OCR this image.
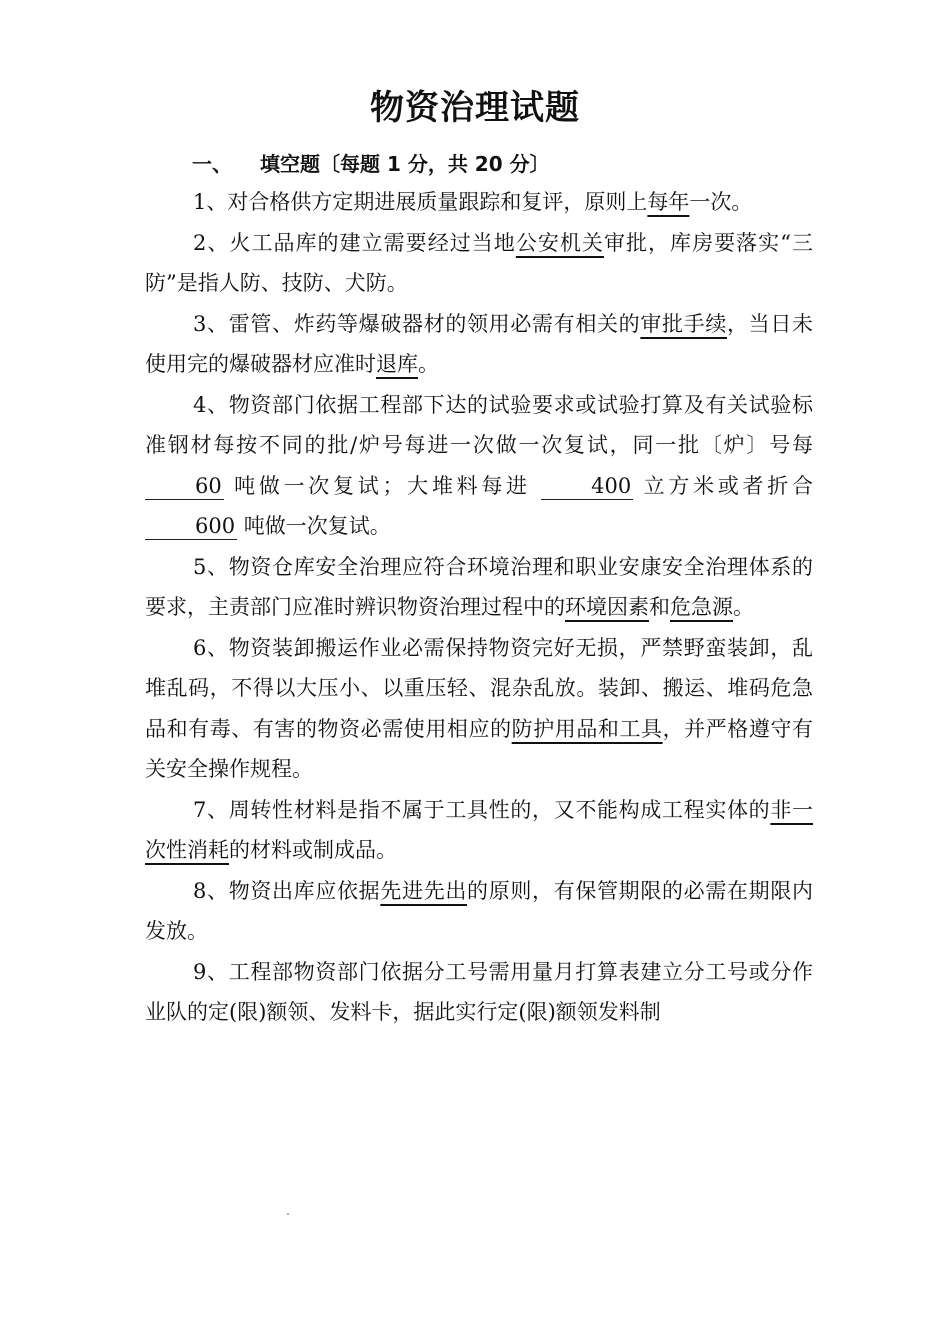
物资治理试题
一、 填空题〔每题 1 分，共 20 分〕

1、对合格供方定期进展质量跟踪和复评，原则上每年一次。

2、火工品库的建立需要经过当地公安机关审批，库房要落实“三防”是指人防、技防、犬防。

3、雷管、炸药等爆破器材的领用必需有相关的审批手续，当日未使用完的爆破器材应准时退库。

4、物资部门依据工程部下达的试验要求或试验打算及有关试验标准钢材每按不同的批/炉号每进一次做一次复试，同一批〔炉〕号每 60 吨做一次复试；大堆料每进 400 立方米或者折合 600 吨做一次复试。

5、物资仓库安全治理应符合环境治理和职业安康安全治理体系的要求，主责部门应准时辨识物资治理过程中的环境因素和危急源。

6、物资装卸搬运作业必需保持物资完好无损，严禁野蛮装卸，乱堆乱码，不得以大压小、以重压轻、混杂乱放。装卸、搬运、堆码危急品和有毒、有害的物资必需使用相应的防护用品和工具，并严格遵守有关安全操作规程。

7、周转性材料是指不属于工具性的，又不能构成工程实体的非一次性消耗的材料或制成品。

8、物资出库应依据先进先出的原则，有保管期限的必需在期限内发放。

9、工程部物资部门依据分工号需用量月打算表建立分工号或分作业队的定(限)额领、发料卡，据此实行定(限)额领发料制
